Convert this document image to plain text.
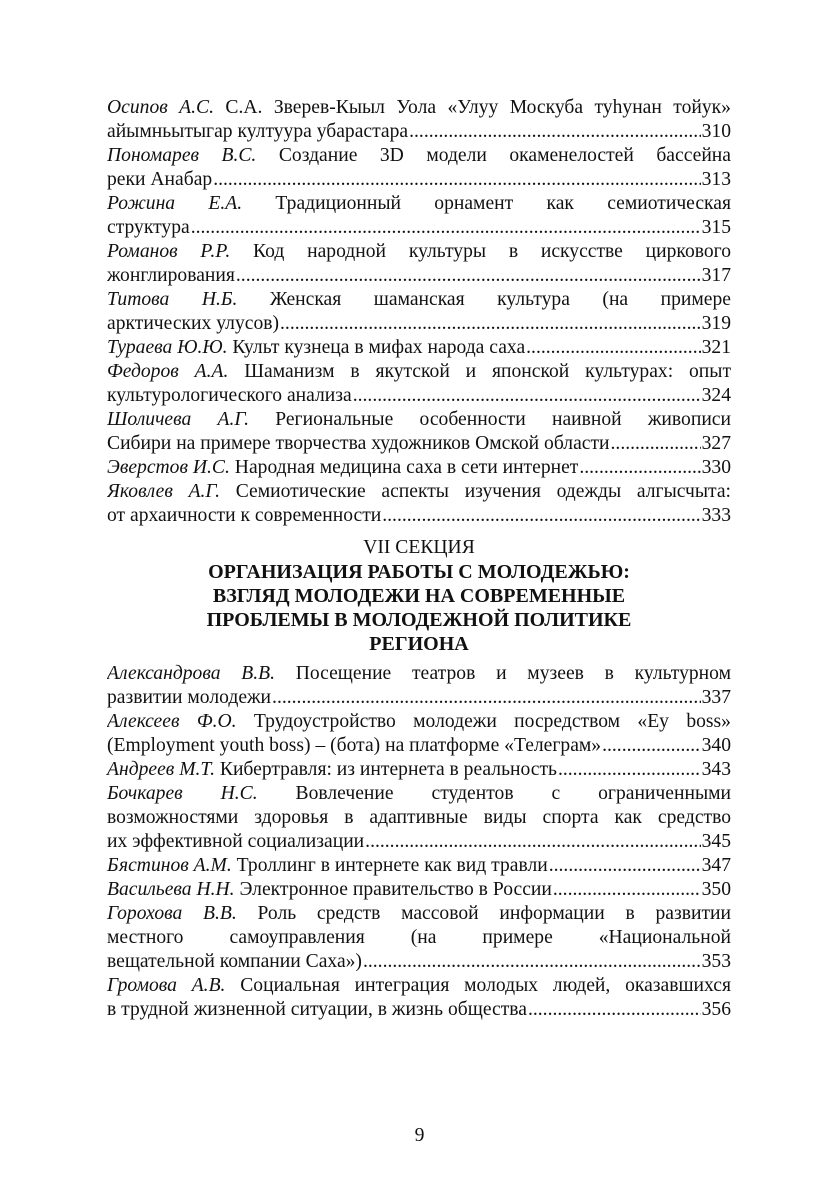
Осипов А.С. С.А. Зверев-Кыыл Уола «Улуу Москуба туһунан тойук»
айымньытыгар култуура убарастара .....	310
Пономарев В.С. Создание 3D модели окаменелостей бассейна
реки Анабар .....	313
Рожина Е.А. Традиционный орнамент как семиотическая
структура .....	315
Романов Р.Р. Код народной культуры в искусстве циркового
жонглирования .....	317
Титова Н.Б. Женская шаманская культура (на примере
арктических улусов) .....	319
Тураева Ю.Ю. Культ кузнеца в мифах народа саха .....	321
Федоров А.А. Шаманизм в якутской и японской культурах: опыт
культурологического анализа .....	324
Шоличева А.Г. Региональные особенности наивной живописи
Сибири на примере творчества художников Омской области .....	327
Эверстов И.С. Народная медицина саха в сети интернет .....	330
Яковлев А.Г. Семиотические аспекты изучения одежды алгысчыта:
от архаичности к современности .....	333
VII СЕКЦИЯ
ОРГАНИЗАЦИЯ РАБОТЫ С МОЛОДЕЖЬЮ:
ВЗГЛЯД МОЛОДЕЖИ НА СОВРЕМЕННЫЕ
ПРОБЛЕМЫ В МОЛОДЕЖНОЙ ПОЛИТИКЕ
РЕГИОНА
Александрова В.В. Посещение театров и музеев в культурном
развитии молодежи .....	337
Алексеев Ф.О. Трудоустройство молодежи посредством «Ey boss»
(Employment youth boss) – (бота) на платформе «Телеграм» .....	340
Андреев М.Т. Кибертравля: из интернета в реальность .....	343
Бочкарев Н.С. Вовлечение студентов с ограниченными
возможностями здоровья в адаптивные виды спорта как средство
их эффективной социализации .....	345
Бястинов А.М. Троллинг в интернете как вид травли .....	347
Васильева Н.Н. Электронное правительство в России .....	350
Горохова В.В. Роль средств массовой информации в развитии
местного самоуправления (на примере «Национальной
вещательной компании Саха») .....	353
Громова А.В. Социальная интеграция молодых людей, оказавшихся
в трудной жизненной ситуации, в жизнь общества .....	356
9
